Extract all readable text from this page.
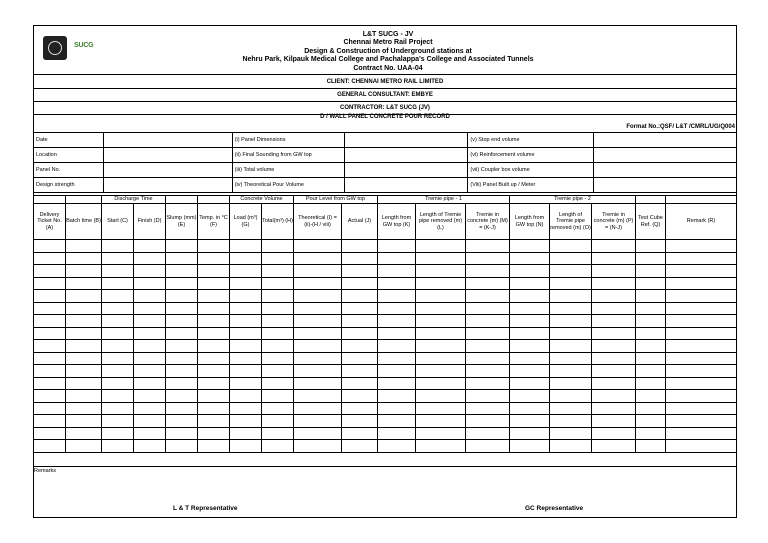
SUCG
L&T SUCG - JV
Chennai Metro Rail Project
Design & Construction of Underground stations at
Nehru Park, Kilpauk Medical College and Pachalappa's College and Associated Tunnels
Contract No. UAA-04
CLIENT: CHENNAI METRO RAIL LIMITED
GENERAL CONSULTANT: EMBYE
CONTRACTOR: L&T SUCG (JV)
D / WALL PANEL CONCRETE POUR RECORD
Format No.:QSF/ L&T /CMRL/UG/Q004
Date		(i) Panel Dimensions		(v) Stop end volume	
Location		(ii) Final Sounding from GW top		(vi) Reinforcement volume	
Panel No.		(iii) Total volume		(vii) Coupler box volume	
Design strength		(iv) Theoretical Pour Volume		(Viii) Panel Built up / Meter	
		Discharge Time				Concrete Volume		Pour Level from GW top		Tremie pipe - 1			Tremie pipe - 2				
Delivery Ticket No. (A)	Batch time (B)	Start (C)	Finish (D)	Slump (mm) (E)	Temp. in °C (F)	Load (m³) (G)	Total(m³) (H)	Theoretical (I) = (ii)-(H / viii)	Actual (J)	Length from GW top (K)	Length of Tremie pipe removed (m) (L)	Tremie in concrete (m) (M) = (K-J)	Length from GW top (N)	Length of Tremie pipe removed (m) (O)	Tremie in concrete (m) (P) = (N-J)	Test Cube Ref. (Q)	Remark (R)

Remarks
L & T Representative	GC Representative
